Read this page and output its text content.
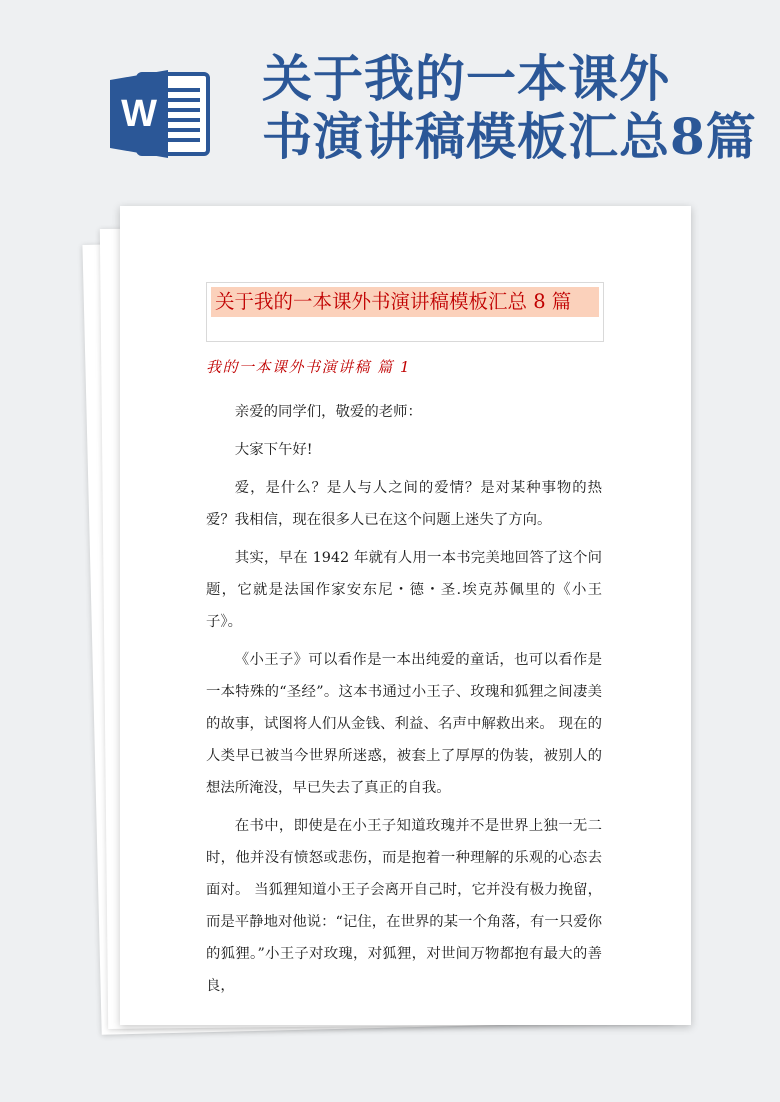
W
关于我的一本课外
书演讲稿模板汇总8篇
关于我的一本课外书演讲稿模板汇总 8 篇
我的一本课外书演讲稿 篇 1

亲爱的同学们，敬爱的老师：

大家下午好!

爱，是什么？是人与人之间的爱情？是对某种事物的热爱？我相信，现在很多人已在这个问题上迷失了方向。

其实，早在 1942 年就有人用一本书完美地回答了这个问题，它就是法国作家安东尼・德・圣.埃克苏佩里的《小王子》。

《小王子》可以看作是一本出纯爱的童话，也可以看作是一本特殊的“圣经”。这本书通过小王子、玫瑰和狐狸之间凄美的故事，试图将人们从金钱、利益、名声中解救出来。 现在的人类早已被当今世界所迷惑，被套上了厚厚的伪装，被别人的想法所淹没，早已失去了真正的自我。

在书中，即使是在小王子知道玫瑰并不是世界上独一无二时，他并没有愤怒或悲伤，而是抱着一种理解的乐观的心态去面对。 当狐狸知道小王子会离开自己时，它并没有极力挽留，而是平静地对他说：“记住，在世界的某一个角落，有一只爱你的狐狸。”小王子对玫瑰，对狐狸，对世间万物都抱有最大的善良，
